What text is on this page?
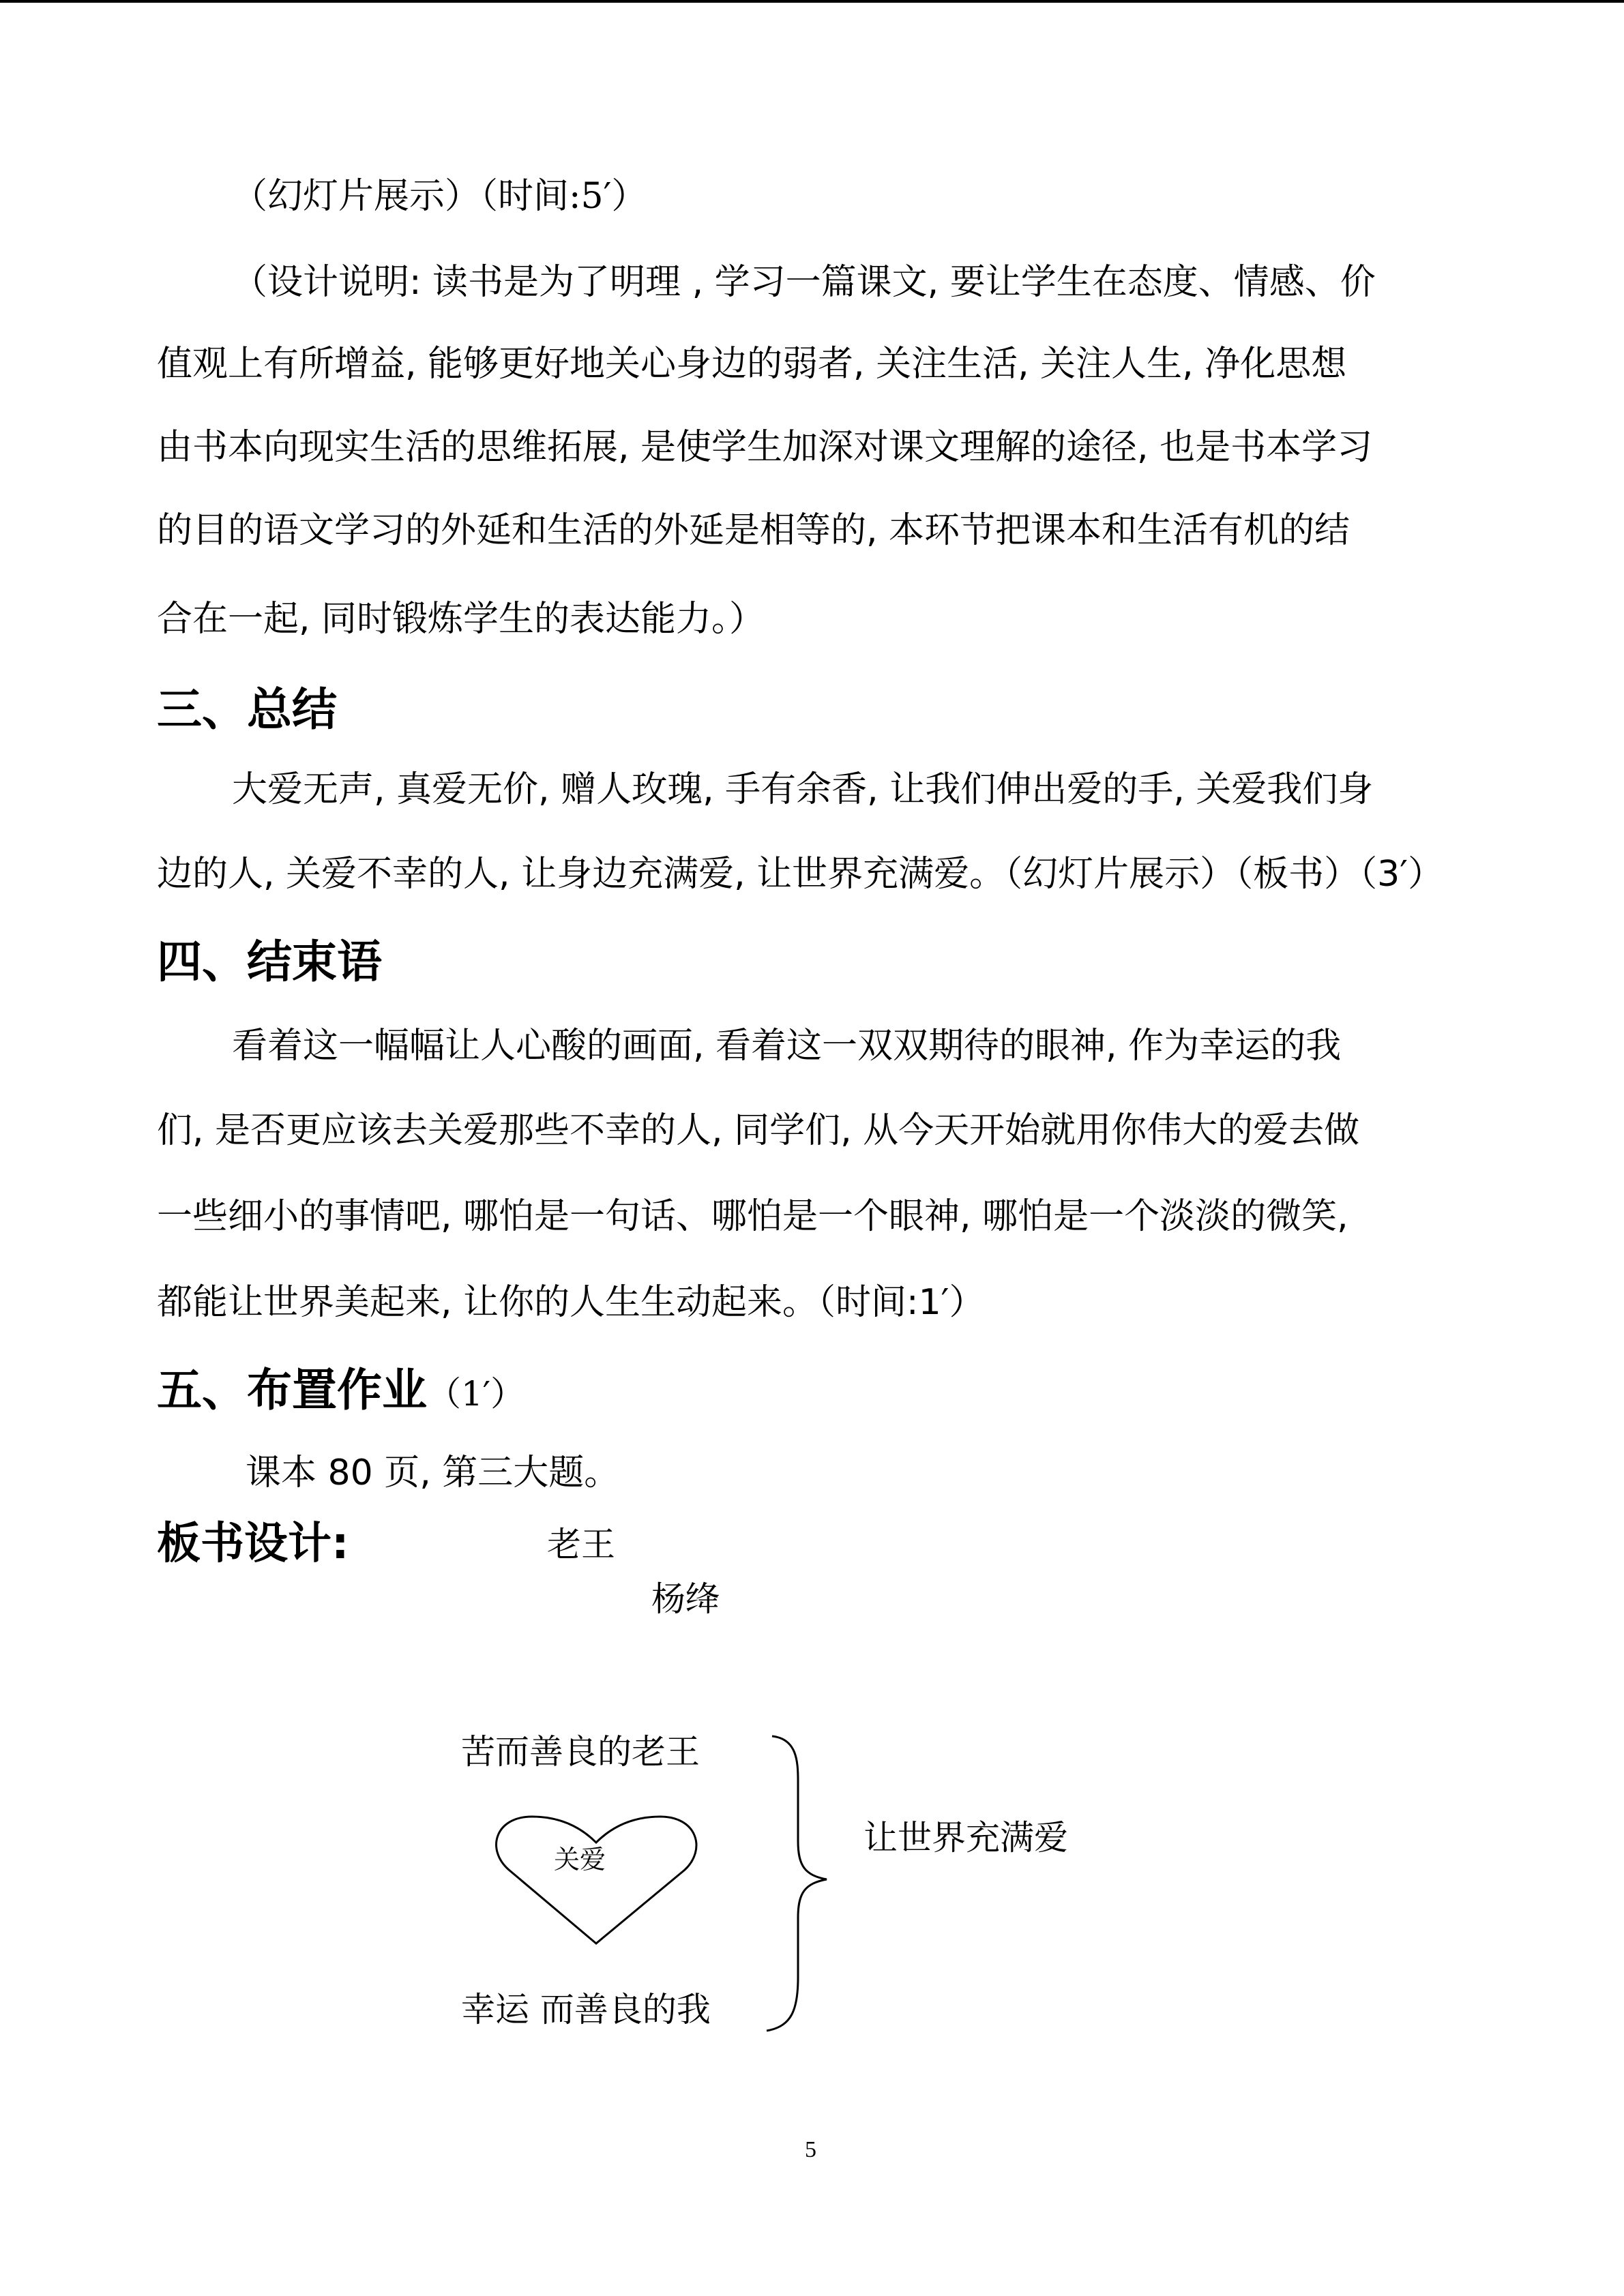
（幻灯片展示）（时间:5′）
（设计说明: 读书是为了明理 , 学习一篇课文, 要让学生在态度、情感、价
值观上有所增益, 能够更好地关心身边的弱者, 关注生活, 关注人生, 净化思想
由书本向现实生活的思维拓展, 是使学生加深对课文理解的途径, 也是书本学习
的目的语文学习的外延和生活的外延是相等的, 本环节把课本和生活有机的结
合在一起, 同时锻炼学生的表达能力。）
三、总结
大爱无声, 真爱无价, 赠人玫瑰, 手有余香, 让我们伸出爱的手, 关爱我们身
边的人, 关爱不幸的人, 让身边充满爱, 让世界充满爱。（幻灯片展示）（板书）（3′）
四、结束语
看着这一幅幅让人心酸的画面, 看着这一双双期待的眼神, 作为幸运的我
们, 是否更应该去关爱那些不幸的人, 同学们, 从今天开始就用你伟大的爱去做
一些细小的事情吧, 哪怕是一句话、哪怕是一个眼神, 哪怕是一个淡淡的微笑,
都能让世界美起来, 让你的人生生动起来。（时间:1′）
五、布置作业（1′）
课本 80 页, 第三大题。
板书设计:	老王
杨绛
苦而善良的老王
关爱
让世界充满爱
幸运 而善良的我
5
